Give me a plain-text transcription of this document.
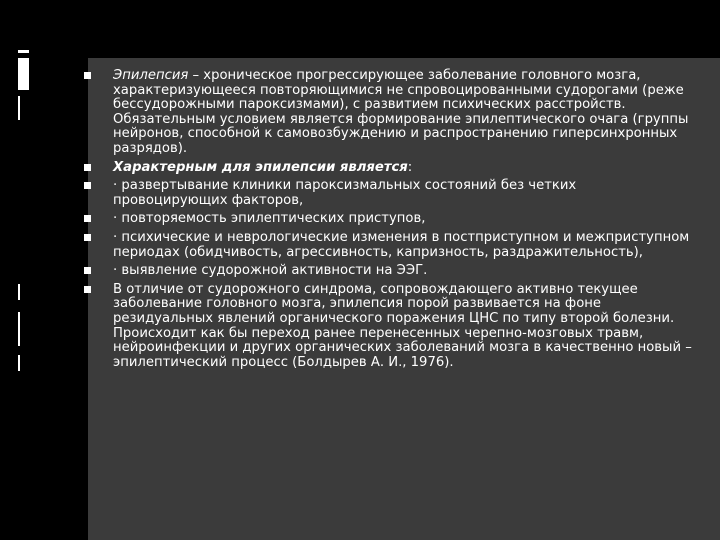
Эпилепсия – хроническое прогрессирующее заболевание головного мозга, характеризующееся повторяющимися не спровоцированными судорогами (реже бессудорожными пароксизмами), с развитием психических расстройств. Обязательным условием является формирование эпилептического очага (группы нейронов, способной к самовозбуждению и распространению гиперсинхронных разрядов).
Характерным для эпилепсии является:
· развертывание клиники пароксизмальных состояний без четких провоцирующих факторов,
· повторяемость эпилептических приступов,
· психические и неврологические изменения в постприступном и межприступном периодах (обидчивость, агрессивность, капризность, раздражительность),
· выявление судорожной активности на ЭЭГ.
В отличие от судорожного синдрома, сопровождающего активно текущее заболевание головного мозга, эпилепсия порой развивается на фоне резидуальных явлений органического поражения ЦНС по типу второй болезни. Происходит как бы переход ранее перенесенных черепно-мозговых травм, нейроинфекции и других органических заболеваний мозга в качественно новый – эпилептический процесс (Болдырев А. И., 1976).
